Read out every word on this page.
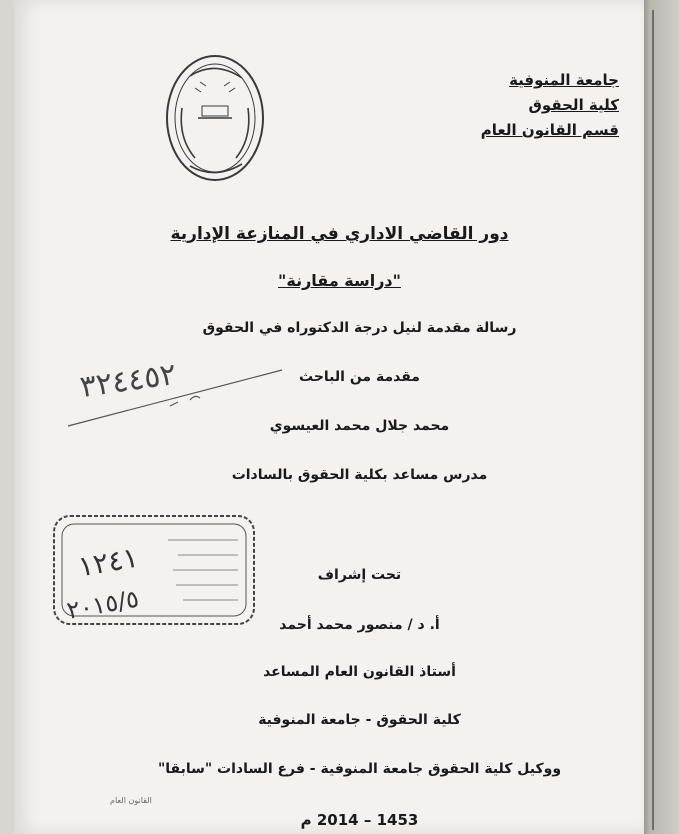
جامعة المنوفية
كلية الحقوق
قسم القانون العام
دور القاضي الاداري في المنازعة الإدارية
"دراسة مقارنة"
رسالة مقدمة لنيل درجة الدكتوراه في الحقوق
مقدمة من الباحث
محمد جلال محمد العيسوي
مدرس مساعد بكلية الحقوق بالسادات
٣٢٤٤٥٢
١٢٤١
٢٠١٥/٥
تحت إشراف
أ. د / منصور محمد أحمد
أستاذ القانون العام المساعد
كلية الحقوق - جامعة المنوفية
ووكيل كلية الحقوق جامعة المنوفية - فرع السادات "سابقا"
القانون العام
1453 – 2014 م
